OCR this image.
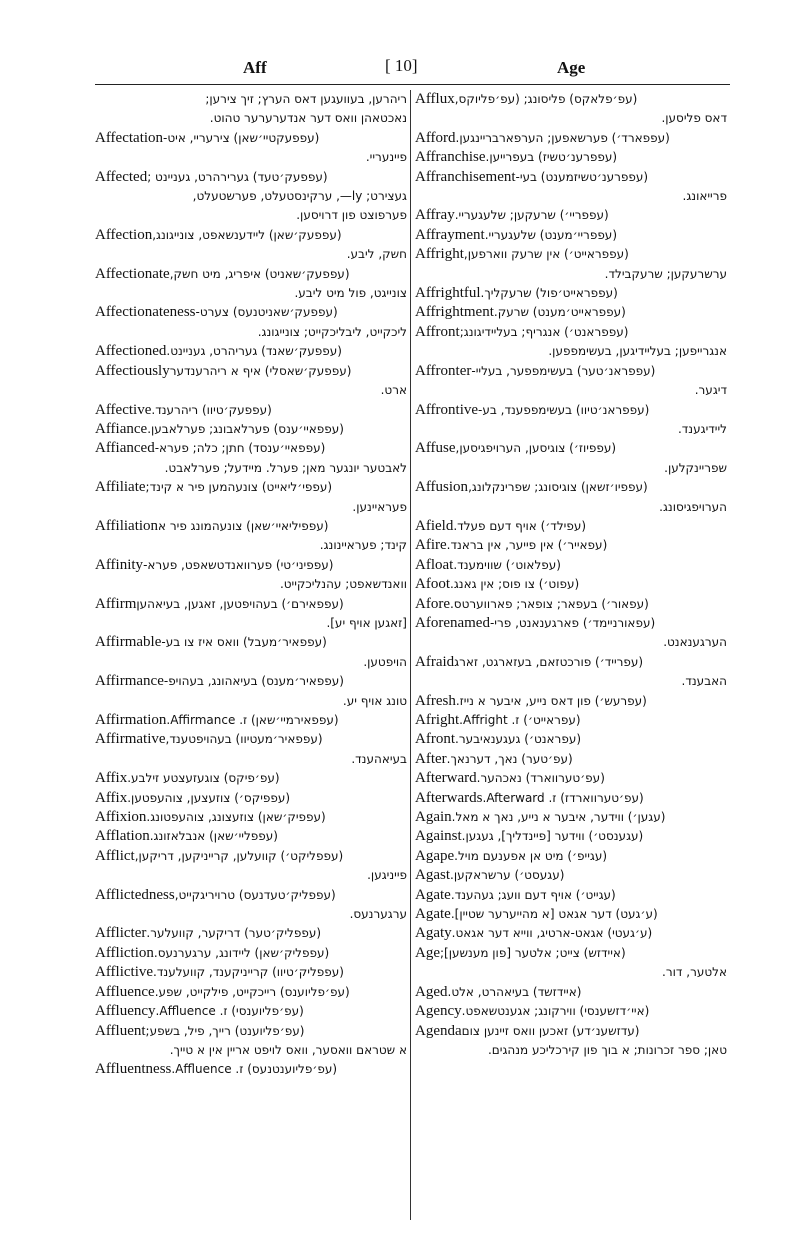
Aff	[ 10]	Age
ריהרען, בעוועגען דאס הערץ; זיך צירען;
נאכטאהן וואס דער אנדערערער טהוט.
Affectation (עפפעקטיי׳שאן) צירעריי, איט-
פיינעריי.
Affected (עפפעק׳טעד) גערירהרט, געניינט ;
געצירט; ly—, ערקינסטעלט, פערשטעלט,
פערפוצט פון דרויסען.
Affection (עפפעק׳שאן) ליידענשאפט, צונייגונג,
חשק, ליבע.
Affectionate (עפפעק׳שאניט) איפריג, מיט חשק,
צונייגט, פול מיט ליבע.
Affectionateness (עפפעק׳שאניטנעס) צערט-
ליכקייט, ליבליכקייט; צונייגונג.
Affectioned (עפפעק׳שאנד) געריהרט, געניינט.
Affectiously (עפפעק׳שאסלי) איף א ריהרענדער
ארט.
Affective (עפפעק׳טיוו) ריהרענד.
Affiance (עפפאיי׳ענס) פערלאבונג; פערלאבען.
Affianced (עפפאיי׳ענסד) חתן; כלה; פערא-
לאבטער יונגער מאן; פערל. מיידעל; פערלאבט.
Affiliate (עפפי׳ליאייט) צונעהמען פיר א קינד;
פעראיינען.
Affiliation (עפפיליאיי׳שאן) צונעהמונג פיר א
קינד; פעראיינונג.
Affinity (עפפיני׳טי) פערוואנדטשאפט, פערא-
וואנדשאפט; עהנליכקייט.
Affirm (עפפאירם׳) בעהויפטען, זאגען, בעיאהען
[זאגען אויף יע].
Affirmable (עפפאיר׳מעבל) וואס איז צו בע-
הויפטען.
Affirmance (עפפאיר׳מענס) בעיאהונג, בעהויפ-
טונג אויף יע.
Affirmation (עפפאירמיי׳שאן) ז. Affirmance.
Affirmative (עפפאיר׳מעטיוו) בעהויפטענד,
בעיאהענד.
Affix (עפ׳פיקס) צוגעזעצטע זילבע.
Affix (עפפיקס׳) צוזעצען, צוהעפטען.
Affixion (עפפיק׳שאן) צוזעצונג, צוהעפטונג.
Afflation (עפפליי׳שאן) אנבלאזונג.
Afflict (עפפליקט׳) קוועלען, קרייניקען, דריקען,
פייניגען.
Afflictedness (עפפליק׳טעדנעס) טרויריגקייט,
ערגערנעס.
Afflicter (עפפליק׳טער) דריקער, קוועלער.
Affliction (עפפליק׳שאן) ליידונג, ערגערנעס.
Afflictive (עפפליק׳טיוו) קרייניקענד, קוועלענד.
Affluence (עפ׳פליוענס) רייכקייט, פילקייט, שפע.
Affluency (עפ׳פליוענסי) ז. Affluence.
Affluent (עפ׳פליוענט) רייך, פיל, בשפע;
א שטראם וואסער, וואס לויפט אריין אין א טייך.
Affluentness (עפ׳פליוענטנעס) ז. Affluence.
Afflux (עפ׳פלאקס) פליסונג; (עפ׳פליוקס,
דאס פליסען.
Afford (עפפארד׳) פערשאפען; הערפארבריינגען.
Affranchise (עפפרענ׳טשיז) בעפרייען.
Affranchisement (עפפרענ׳טשיזמענט) בעי-
פרייאונג.
Affray (עפפריי׳) שרעקען; שלעגעריי.
Affrayment (עפפריי׳מענט) שלעגעריי.
Affright (עפפראייט׳) אין שרעק ווארפען,
ערשרעקען; שרעקבילד.
Affrightful (עפפראייט׳פול) שרעקליך.
Affrightment (עפפראייט׳מענט) שרעק.
Affront (עפפראנט׳) אנגריף; בעליידיגונג;
אנגרייפען; בעליידיגען, בעשימפפען.
Affronter (עפפראנ׳טער) בעשימפפער, בעליי-
דיגער.
Affrontive (עפפראנ׳טיוו) בעשימפפענד, בע-
ליידיגענד.
Affuse (עפפיוז׳) צוגיסען, הערויפגיסען,
שפריינקלען.
Affusion (עפפיו׳זשאן) צוגיסונג; שפרינקלונג,
הערויפגיסונג.
Afield (עפילד׳) אויף דעם פעלד.
Afire (עפאייר׳) אין פייער, אין בראנד.
Afloat (עפלאוט׳) שווימענד.
Afoot (עפוט׳) צו פוס; אין גאנג.
Afore (עפאור׳) בעפאר; צופאר; פארווערטס.
Aforenamed (עפאורניימד׳) פארגענאנט, פרי-
הערגענאנט.
Afraid (עפרייד׳) פורכטזאם, בעזארגט, זארג
האבענד.
Afresh (עפרעש׳) פון דאס נייע, איבער א נייז.
Afright (עפראייט׳) ז. Affright.
Afront (עפראנט׳) געגענאיבער.
After (עפ׳טער) נאך, דערנאך.
Afterward (עפ׳טערווארד) נאכהער.
Afterwards (עפ׳טערווארדז) ז. Afterward.
Again (עגען׳) ווידער, איבער א נייע, נאך א מאל.
Against (עגענסט׳) ווידער [פיינדליך], געגען.
Agape (עגייפ׳) מיט אן אפענעם מויל.
Agast (עגעסט׳) ערשראקען.
Agate (עגייט׳) אויף דעם וועג; געהענד.
Agate (ע׳געט) דער אגאט [א מהייערער שטיין].
Agaty (ע׳געטי) אגאט-ארטיג, ווייא דער אגאט.
Age (איידזש) צייט; אלטער [פון מענשען];
אלטער, דור.
Aged (איידזשד) בעיאהרט, אלט.
Agency (איי׳דזשענסי) ווירקונג; אגענטשאפט.
Agenda (עדזשענ׳דע) זאכען וואס זיינען צום
טאן; ספר זכרונות; א בוך פון קירכליכע מנהגים.
